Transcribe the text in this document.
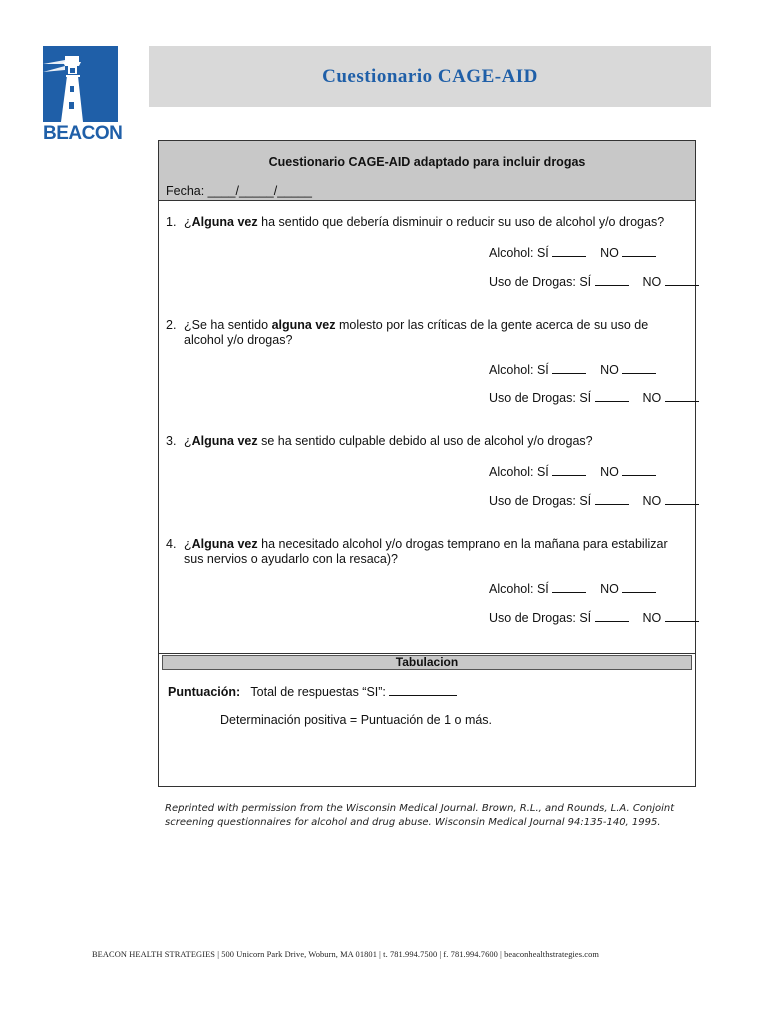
BEACON
Cuestionario CAGE-AID
Cuestionario CAGE-AID adaptado para incluir drogas
Fecha: ____/_____/_____
1. ¿Alguna vez ha sentido que debería disminuir o reducir su uso de alcohol y/o drogas?
Alcohol: SÍ	NO
Uso de Drogas: SÍ	NO
2. ¿Se ha sentido alguna vez molesto por las críticas de la gente acerca de su uso de alcohol y/o drogas?
Alcohol: SÍ	NO
Uso de Drogas: SÍ	NO
3. ¿Alguna vez se ha sentido culpable debido al uso de alcohol y/o drogas?
Alcohol: SÍ	NO
Uso de Drogas: SÍ	NO
4. ¿Alguna vez ha necesitado alcohol y/o drogas temprano en la mañana para estabilizar sus nervios o ayudarlo con la resaca)?
Alcohol: SÍ	NO
Uso de Drogas: SÍ	NO
Tabulacion
Puntuación: Total de respuestas “SI”:
Determinación positiva = Puntuación de 1 o más.
Reprinted with permission from the Wisconsin Medical Journal. Brown, R.L., and Rounds, L.A. Conjoint screening questionnaires for alcohol and drug abuse. Wisconsin Medical Journal 94:135-140, 1995.
BEACON HEALTH STRATEGIES | 500 Unicorn Park Drive, Woburn, MA 01801 | t. 781.994.7500 | f. 781.994.7600 | beaconhealthstrategies.com
